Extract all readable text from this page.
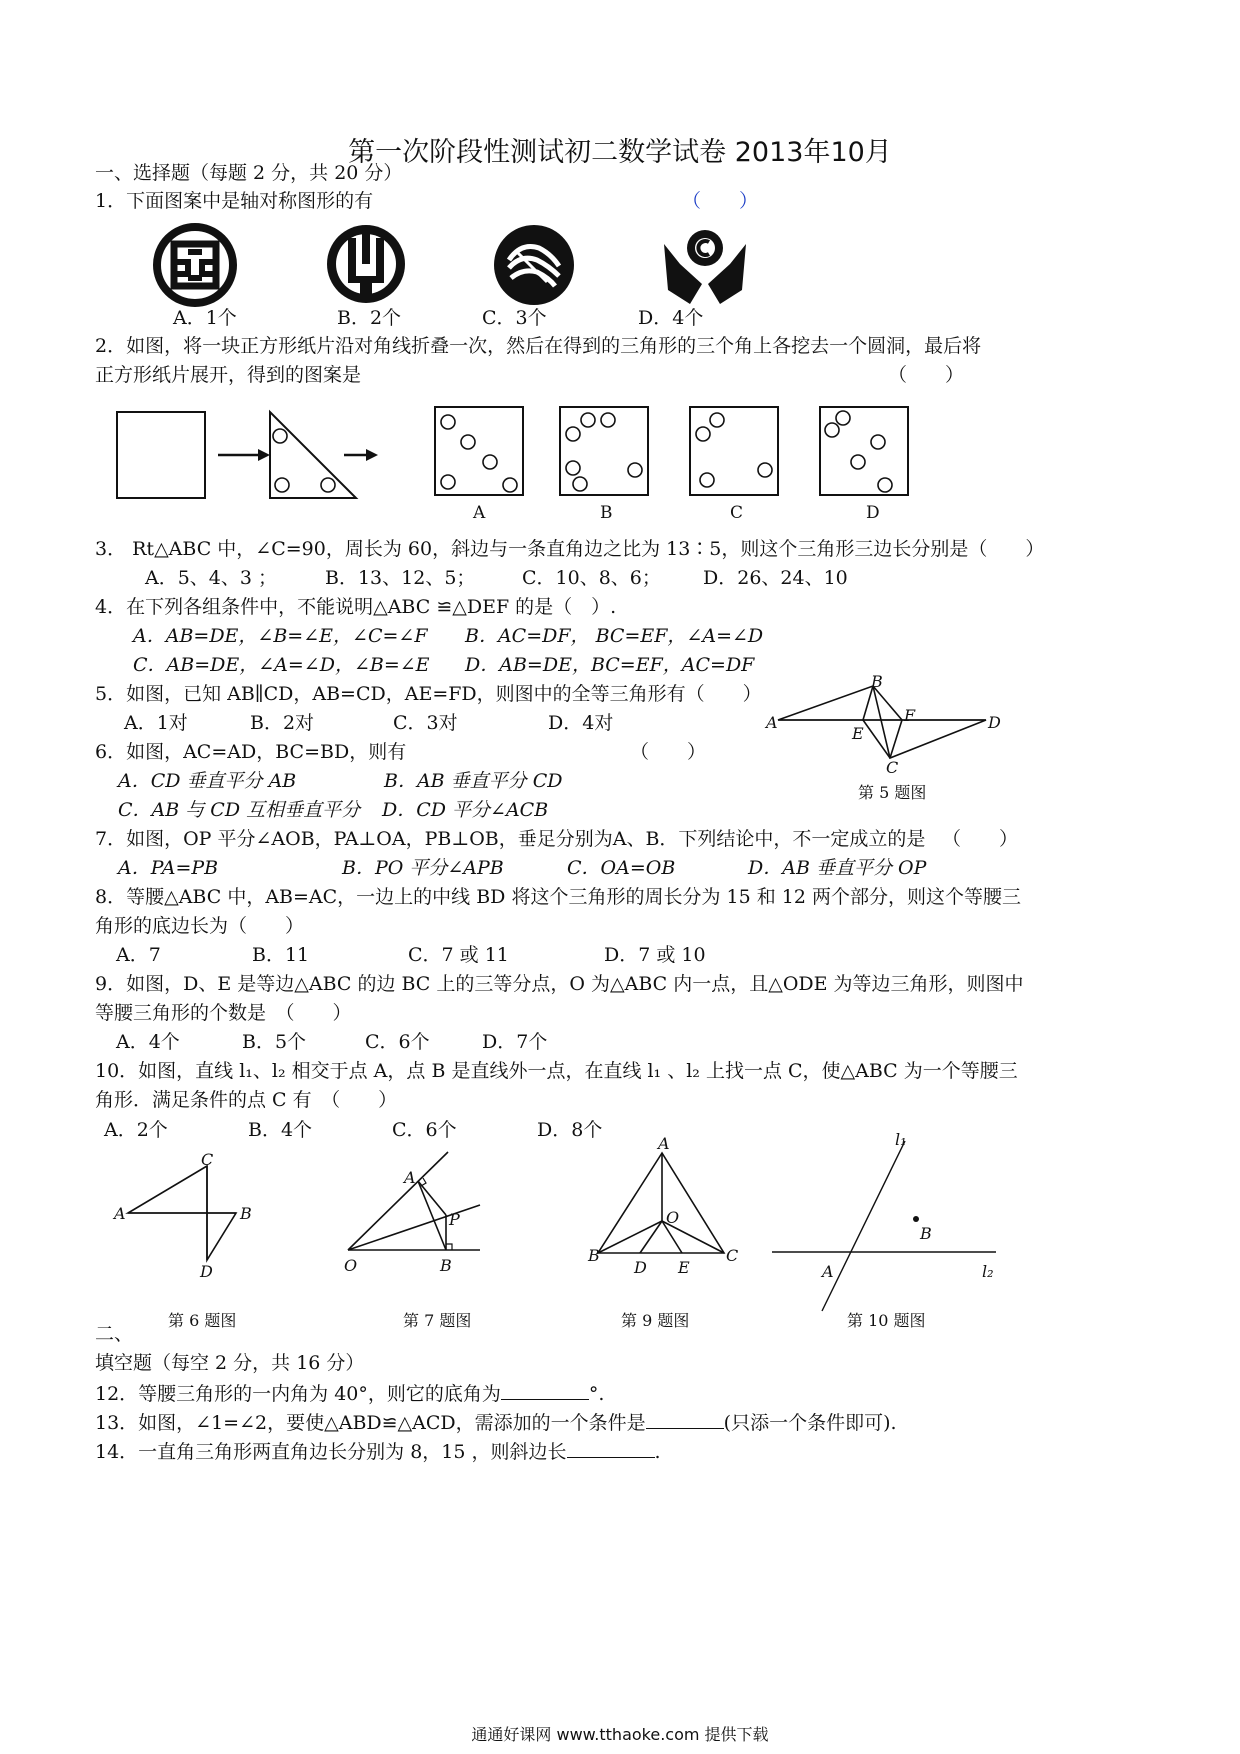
第一次阶段性测试初二数学试卷 2013年10月
一、选择题（每题 2 分，共 20 分）
1．下面图案中是轴对称图形的有	（　　）
A．1个	B．2个	C．3个	D．4个
2．如图，将一块正方形纸片沿对角线折叠一次，然后在得到的三角形的三个角上各挖去一个圆洞，最后将
正方形纸片展开，得到的图案是	（　　）
A	B	C	D
3． Rt△ABC 中，∠C=90，周长为 60，斜边与一条直角边之比为 13∶5，则这个三角形三边长分别是（　　）
A．5、4、3 ；	B．13、12、5； C．10、8、6； D．26、24、10
4．在下列各组条件中，不能说明△ABC ≌△DEF 的是（　）.
A．AB=DE，∠B=∠E，∠C=∠F B．AC=DF， BC=EF，∠A=∠D
C．AB=DE，∠A=∠D，∠B=∠E D．AB=DE，BC=EF，AC=DF
5．如图，已知 AB∥CD，AB=CD，AE=FD，则图中的全等三角形有（　　）
A．1对	B．2对	C．3对	D．4对
B
A	F	D
E
C
第 5 题图
6．如图，AC=AD，BC=BD，则有	（　　）
A．CD 垂直平分 AB	B．AB 垂直平分 CD
C．AB 与 CD 互相垂直平分 D．CD 平分∠ACB
7．如图，OP 平分∠AOB，PA⊥OA，PB⊥OB，垂足分别为A、B．下列结论中，不一定成立的是 （　　）
A．PA=PB	B．PO 平分∠APB	C．OA=OB	D．AB 垂直平分 OP
8．等腰△ABC 中，AB=AC，一边上的中线 BD 将这个三角形的周长分为 15 和 12 两个部分，则这个等腰三
角形的底边长为（　　）
A．7	B．11	C．7 或 11	D．7 或 10
9．如图，D、E 是等边△ABC 的边 BC 上的三等分点，O 为△ABC 内一点，且△ODE 为等边三角形，则图中
等腰三角形的个数是　（　　）
A．4个	B．5个	C．6个	D．7个
10．如图，直线 l₁、l₂ 相交于点 A，点 B 是直线外一点，在直线 l₁ 、l₂ 上找一点 C，使△ABC 为一个等腰三
角形．满足条件的点 C 有　（　　）
A．2个	B．4个	C．6个	D．8个
C
A	B
D
第 6 题图
A
P
O	B
第 7 题图
A
O
B	C
D E
第 9 题图
l₁
B
A	l₂
第 10 题图
二、
填空题（每空 2 分，共 16 分）
12．等腰三角形的一内角为 40°，则它的底角为	°.
13．如图，∠1=∠2，要使△ABD≌△ACD，需添加的一个条件是	(只添一个条件即可).
14．一直角三角形两直角边长分别为 8，15 ，则斜边长	.
通通好课网 www.tthaoke.com 提供下载
